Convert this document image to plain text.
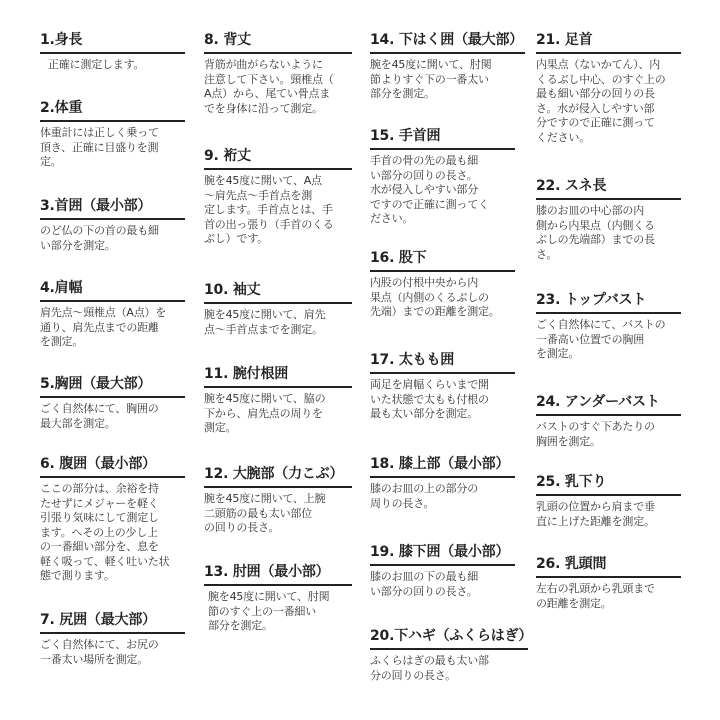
1.身長

正確に測定します。

2.体重

体重計には正しく乗って
頂き、正確に目盛りを測
定。

3.首囲（最小部）

のど仏の下の首の最も細
い部分を測定。

4.肩幅

肩先点～頸椎点（A点）を
通り、肩先点までの距離
を測定。

5.胸囲（最大部）

ごく自然体にて、胸囲の
最大部を測定。

6. 腹囲（最小部）

ここの部分は、余裕を持
たせずにメジャーを軽く
引張り気味にして測定し
ます。へその上の少し上
の一番細い部分を、息を
軽く吸って、軽く吐いた状
態で測ります。

7. 尻囲（最大部）

ごく自然体にて、お尻の
一番太い場所を測定。

8. 背丈

背筋が曲がらないように
注意して下さい。頸椎点（
A点）から、尾てい骨点ま
でを身体に沿って測定。

9. 裄丈

腕を45度に開いて、A点
～肩先点～手首点を測
定します。手首点とは、手
首の出っ張り（手首のくる
ぶし）です。

10. 袖丈

腕を45度に開いて、肩先
点～手首点までを測定。

11. 腕付根囲

腕を45度に開いて、脇の
下から、肩先点の周りを
測定。

12. 大腕部（力こぶ）

腕を45度に開いて、上腕
二頭筋の最も太い部位
の回りの長さ。

13. 肘囲（最小部）

腕を45度に開いて、肘関
節のすぐ上の一番細い
部分を測定。

14. 下はく囲（最大部）

腕を45度に開いて、肘関
節よりすぐ下の一番太い
部分を測定。

15. 手首囲

手首の骨の先の最も細
い部分の回りの長さ。
水が侵入しやすい部分
ですので正確に測ってく
ださい。

16. 股下

内股の付根中央から内
果点（内側のくるぶしの
先端）までの距離を測定。

17. 太もも囲

両足を肩幅くらいまで開
いた状態で太もも付根の
最も太い部分を測定。

18. 膝上部（最小部）

膝のお皿の上の部分の
周りの長さ。

19. 膝下囲（最小部）

膝のお皿の下の最も細
い部分の回りの長さ。

20.下ハギ（ふくらはぎ）

ふくらはぎの最も太い部
分の回りの長さ。

21. 足首

内果点（ないかてん）、内
くるぶし中心、のすぐ上の
最も細い部分の回りの長
さ。水が侵入しやすい部
分ですので正確に測って
ください。

22. スネ長

膝のお皿の中心部の内
側から内果点（内側くる
ぶしの先端部）までの長
さ。

23. トップバスト

ごく自然体にて、バストの
一番高い位置での胸囲
を測定。

24. アンダーバスト

バストのすぐ下あたりの
胸囲を測定。

25. 乳下り

乳頭の位置から肩まで垂
直に上げた距離を測定。

26. 乳頭間

左右の乳頭から乳頭まで
の距離を測定。
